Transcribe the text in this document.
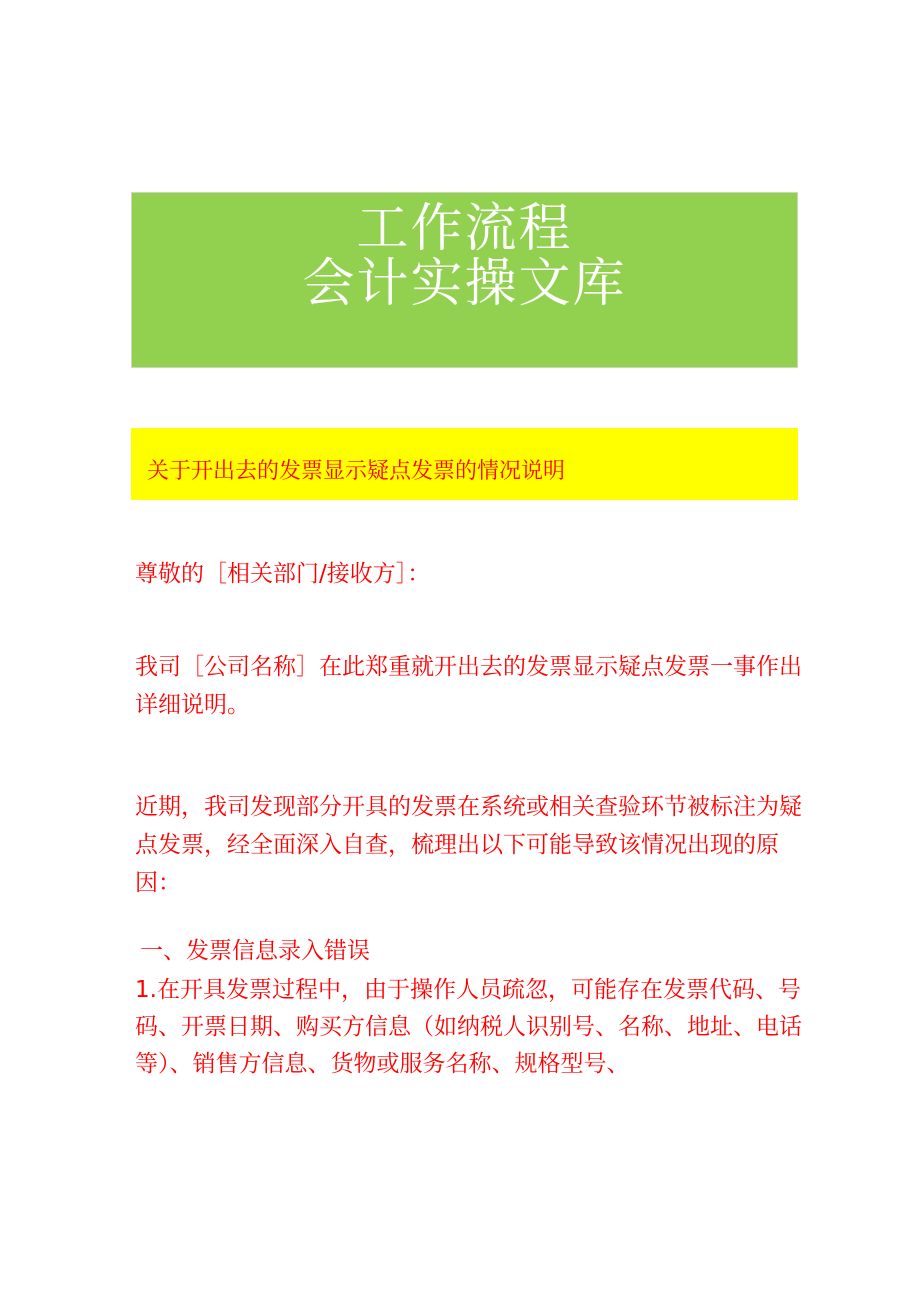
工作流程
会计实操文库
关于开出去的发票显示疑点发票的情况说明

尊敬的［相关部门/接收方］：

我司［公司名称］在此郑重就开出去的发票显示疑点发票一事作出详细说明。

近期，我司发现部分开具的发票在系统或相关查验环节被标注为疑点发票，经全面深入自查，梳理出以下可能导致该情况出现的原因：

一、发票信息录入错误

1.在开具发票过程中，由于操作人员疏忽，可能存在发票代码、号码、开票日期、购买方信息（如纳税人识别号、名称、地址、电话等）、销售方信息、货物或服务名称、规格型号、
